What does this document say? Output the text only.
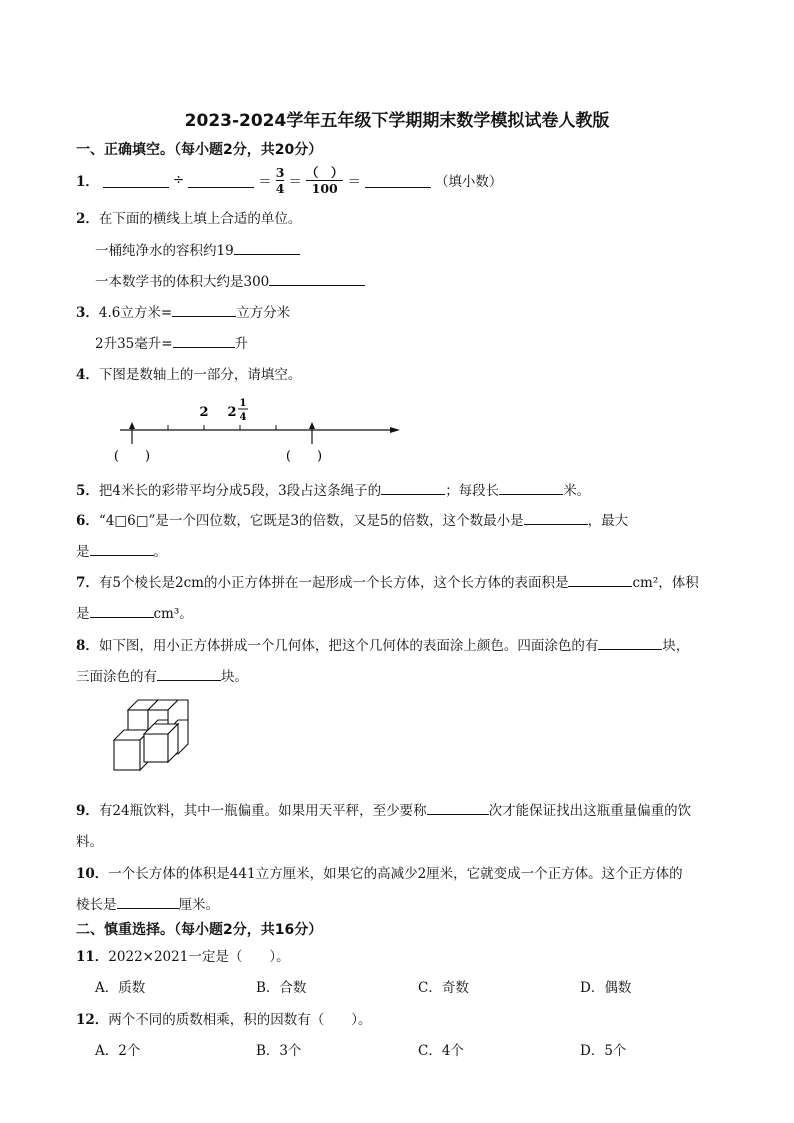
2023-2024学年五年级下学期期末数学模拟试卷人教版
一、正确填空。（每小题2分，共20分）
1．	÷	＝ $\frac{3}{4} = \frac{( )}{100}$ ＝	（填小数）
2．在下面的横线上填上合适的单位。
一桶纯净水的容积约19
一本数学书的体积大约是300
3．4.6立方米=	立方分米
2升35毫升=	升
4．下图是数轴上的一部分，请填空。
2 2
1
4
(　　)	(　　)
5．把4米长的彩带平均分成5段，3段占这条绳子的	；每段长	米。
6．“4□6□”是一个四位数，它既是3的倍数，又是5的倍数，这个数最小是	，最大
是	。
7．有5个棱长是2cm的小正方体拼在一起形成一个长方体，这个长方体的表面积是	cm²，体积
是	cm³。
8．如下图，用小正方体拼成一个几何体，把这个几何体的表面涂上颜色。四面涂色的有	块，
三面涂色的有	块。
9．有24瓶饮料，其中一瓶偏重。如果用天平秤，至少要称	次才能保证找出这瓶重量偏重的饮
料。
10．一个长方体的体积是441立方厘米，如果它的高减少2厘米，它就变成一个正方体。这个正方体的
棱长是	厘米。
二、慎重选择。（每小题2分，共16分）
11．2022×2021一定是（　　）。
A．质数	B．合数	C．奇数	D．偶数
12．两个不同的质数相乘，积的因数有（　　）。
A．2个	B．3个	C．4个	D．5个
